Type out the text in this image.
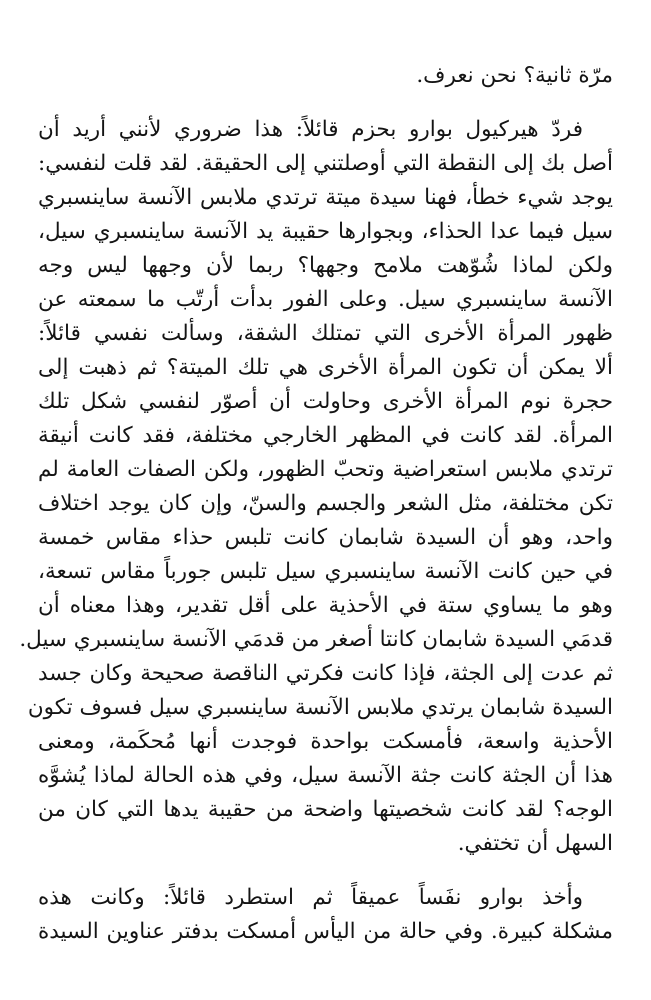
مرّة ثانية؟ نحن نعرف.
فردّ هيركيول بوارو بحزم قائلاً: هذا ضروري لأنني أريد أن
أصل بك إلى النقطة التي أوصلتني إلى الحقيقة. لقد قلت لنفسي:
يوجد شيء خطأ، فهنا سيدة ميتة ترتدي ملابس الآنسة ساينسبري
سيل فيما عدا الحذاء، وبجوارها حقيبة يد الآنسة ساينسبري سيل،
ولكن لماذا شُوّهت ملامح وجهها؟ ربما لأن وجهها ليس وجه
الآنسة ساينسبري سيل. وعلى الفور بدأت أرتّب ما سمعته عن
ظهور المرأة الأخرى التي تمتلك الشقة، وسألت نفسي قائلاً:
ألا يمكن أن تكون المرأة الأخرى هي تلك الميتة؟ ثم ذهبت إلى
حجرة نوم المرأة الأخرى وحاولت أن أصوّر لنفسي شكل تلك
المرأة. لقد كانت في المظهر الخارجي مختلفة، فقد كانت أنيقة
ترتدي ملابس استعراضية وتحبّ الظهور، ولكن الصفات العامة لم
تكن مختلفة، مثل الشعر والجسم والسنّ، وإن كان يوجد اختلاف
واحد، وهو أن السيدة شابمان كانت تلبس حذاء مقاس خمسة
في حين كانت الآنسة ساينسبري سيل تلبس جورباً مقاس تسعة،
وهو ما يساوي ستة في الأحذية على أقل تقدير، وهذا معناه أن
قدمَي السيدة شابمان كانتا أصغر من قدمَي الآنسة ساينسبري سيل.
ثم عدت إلى الجثة، فإذا كانت فكرتي الناقصة صحيحة وكان جسد
السيدة شابمان يرتدي ملابس الآنسة ساينسبري سيل فسوف تكون
الأحذية واسعة، فأمسكت بواحدة فوجدت أنها مُحكَمة، ومعنى
هذا أن الجثة كانت جثة الآنسة سيل، وفي هذه الحالة لماذا يُشوَّه
الوجه؟ لقد كانت شخصيتها واضحة من حقيبة يدها التي كان من
السهل أن تختفي.
وأخذ بوارو نفَساً عميقاً ثم استطرد قائلاً: وكانت هذه
مشكلة كبيرة. وفي حالة من اليأس أمسكت بدفتر عناوين السيدة
